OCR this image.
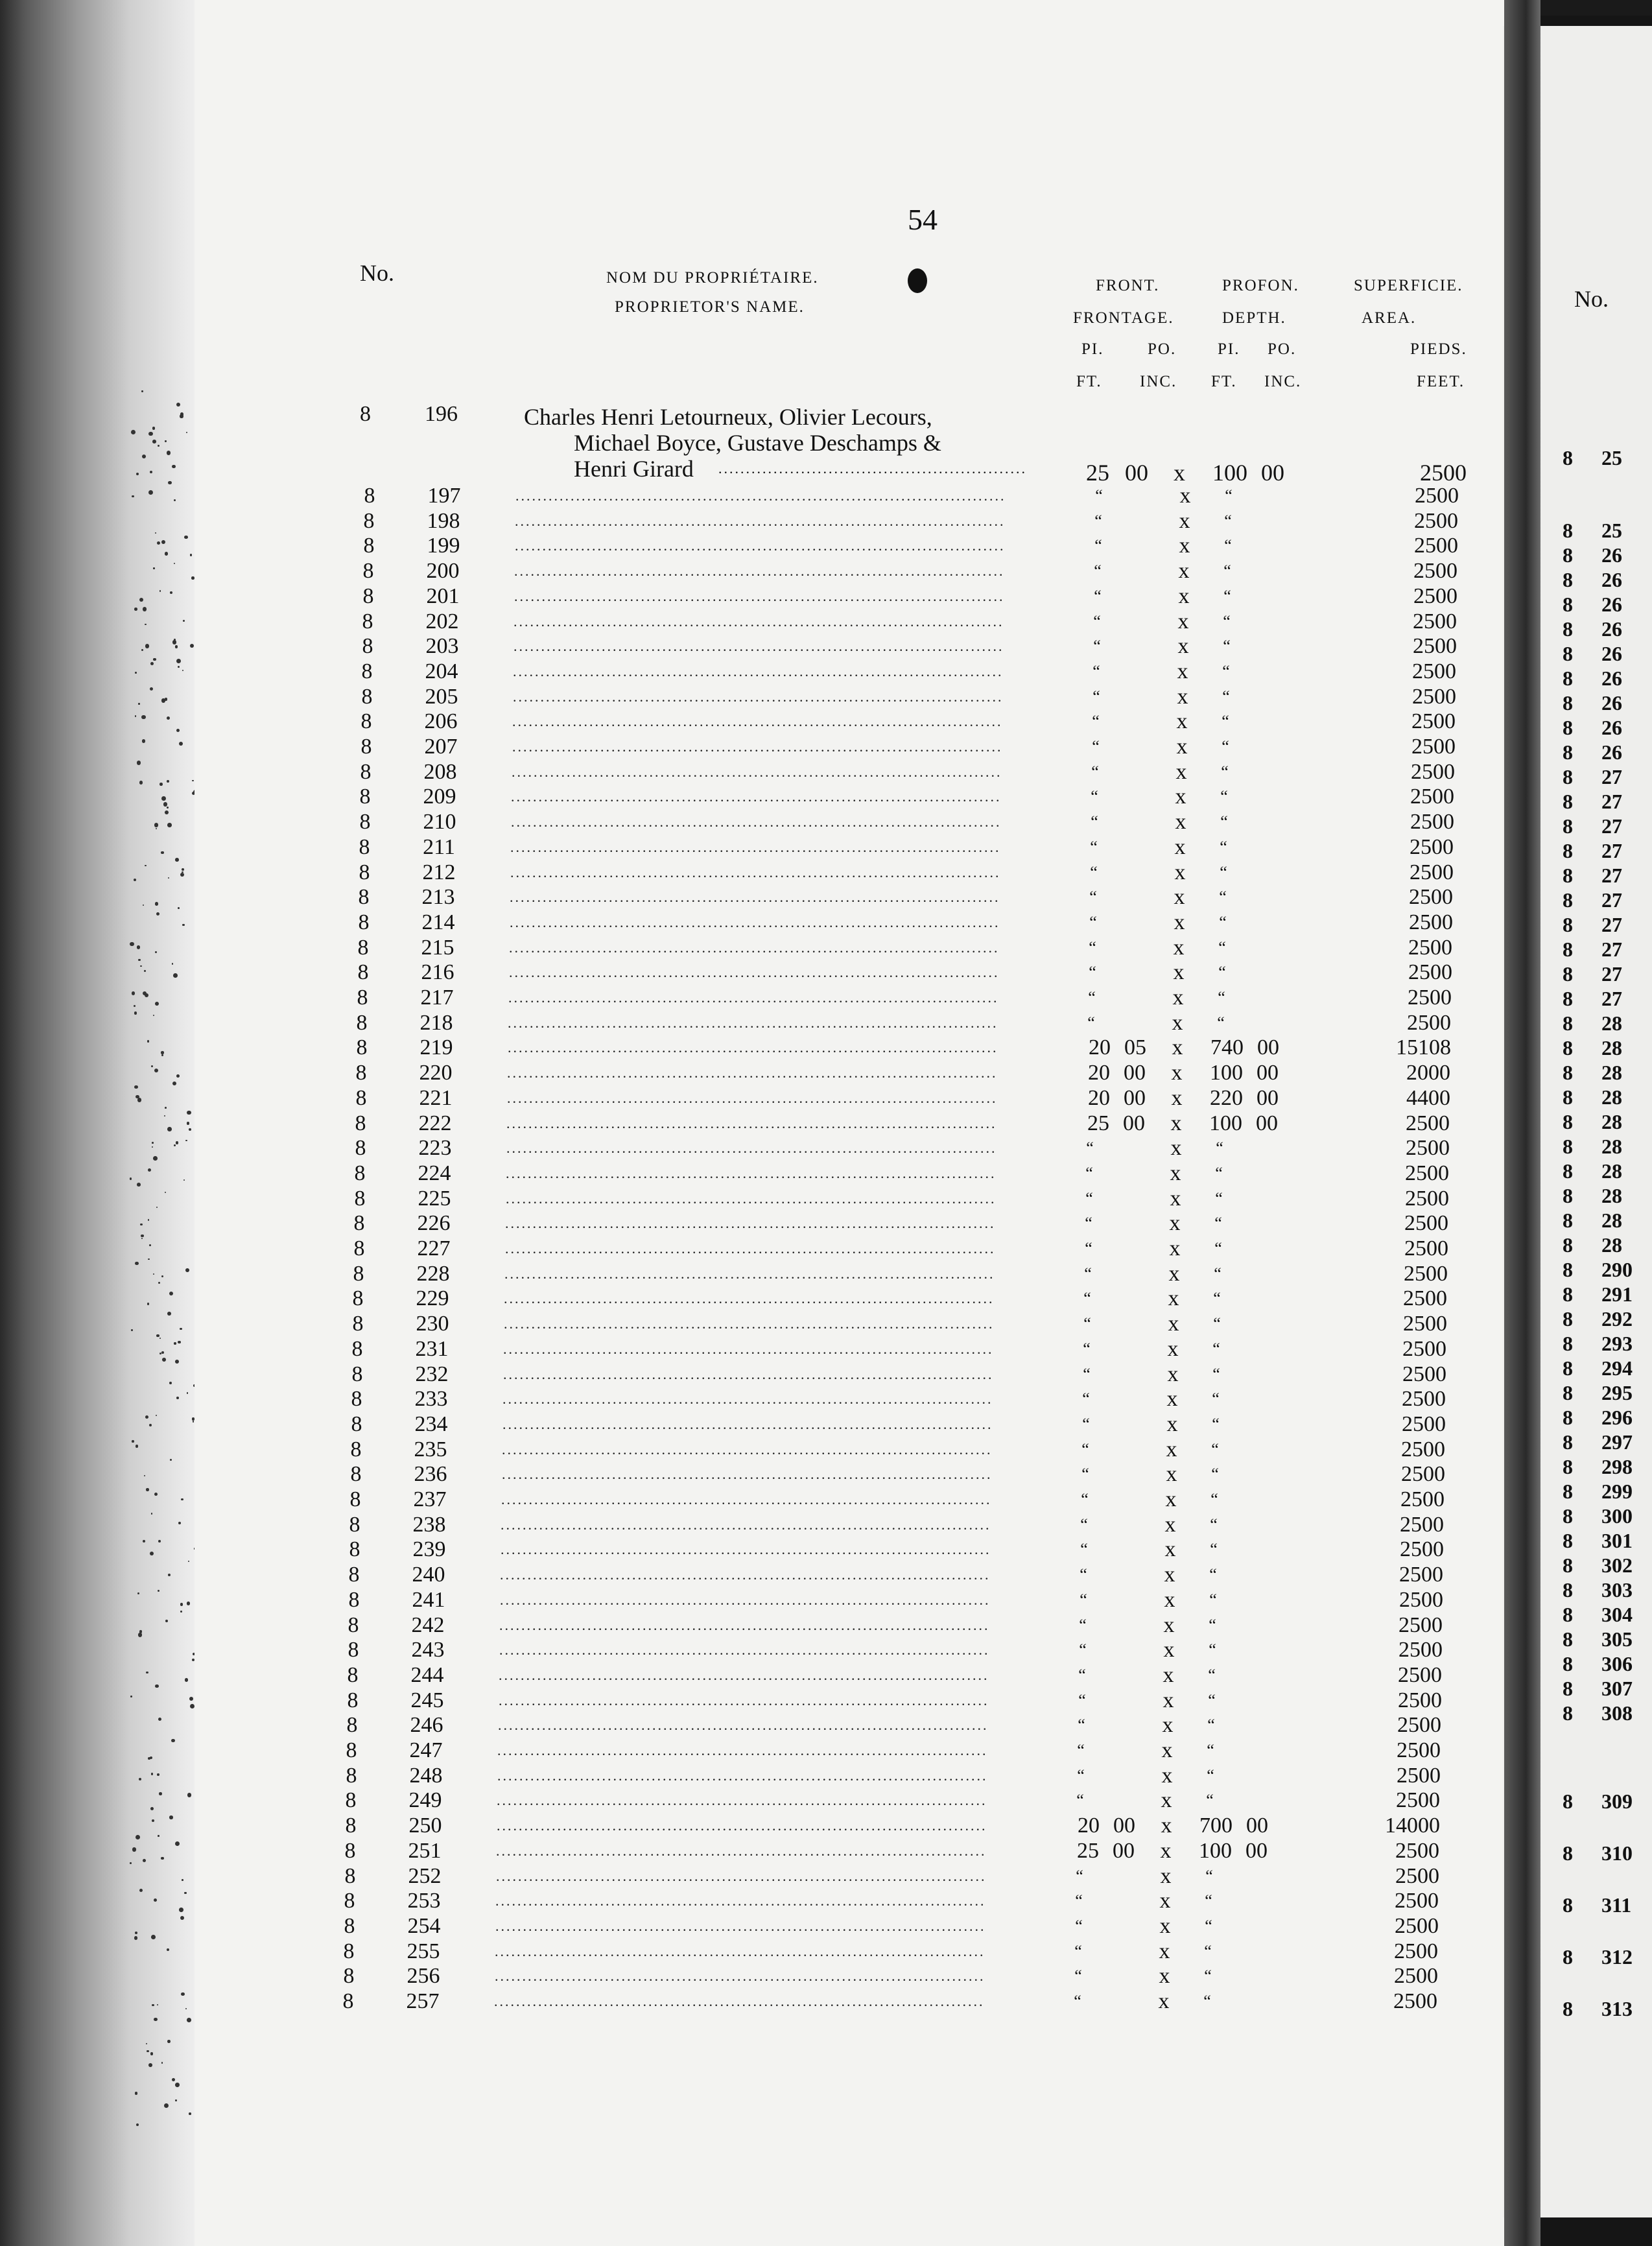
54
No.	NOM DU PROPRIÉTAIRE.
PROPRIETOR'S NAME.
FRONT.
FRONTAGE.
PROFON.
DEPTH.
SUPERFICIE.
AREA.
PI.	PO.	PI. PO.	PIEDS.
FT. INC. FT. INC.	FEET.
No.
8 196	Charles Henri Letourneux, Olivier Lecours,
Michael Boyce, Gustave Deschamps &
Henri Girard ........................................................	25 00 x 100 00	2500
8	197	.........................................................................................	“	x	“	2500
8	198	.........................................................................................	“	x	“	2500
8	199	.........................................................................................	“	x	“	2500
8	200	.........................................................................................	“	x	“	2500
8	201	.........................................................................................	“	x	“	2500
8	202	.........................................................................................	“	x	“	2500
8	203	.........................................................................................	“	x	“	2500
8	204	.........................................................................................	“	x	“	2500
8	205	.........................................................................................	“	x	“	2500
8	206	.........................................................................................	“	x	“	2500
8	207	.........................................................................................	“	x	“	2500
8	208	.........................................................................................	“	x	“	2500
8	209	.........................................................................................	“	x	“	2500
8	210	.........................................................................................	“	x	“	2500
8	211	.........................................................................................	“	x	“	2500
8	212	.........................................................................................	“	x	“	2500
8	213	.........................................................................................	“	x	“	2500
8	214	.........................................................................................	“	x	“	2500
8	215	.........................................................................................	“	x	“	2500
8	216	.........................................................................................	“	x	“	2500
8	217	.........................................................................................	“	x	“	2500
8	218	.........................................................................................	“	x	“	2500
8	219	.........................................................................................	20 05	x	740 00	15108
8	220	.........................................................................................	20 00	x	100 00	2000
8	221	.........................................................................................	20 00	x	220 00	4400
8	222	.........................................................................................	25 00	x	100 00	2500
8	223	.........................................................................................	“	x	“	2500
8	224	.........................................................................................	“	x	“	2500
8	225	.........................................................................................	“	x	“	2500
8	226	.........................................................................................	“	x	“	2500
8	227	.........................................................................................	“	x	“	2500
8	228	.........................................................................................	“	x	“	2500
8	229	.........................................................................................	“	x	“	2500
8	230	.........................................................................................	“	x	“	2500
8	231	.........................................................................................	“	x	“	2500
8	232	.........................................................................................	“	x	“	2500
8	233	.........................................................................................	“	x	“	2500
8	234	.........................................................................................	“	x	“	2500
8	235	.........................................................................................	“	x	“	2500
8	236	.........................................................................................	“	x	“	2500
8	237	.........................................................................................	“	x	“	2500
8	238	.........................................................................................	“	x	“	2500
8	239	.........................................................................................	“	x	“	2500
8	240	.........................................................................................	“	x	“	2500
8	241	.........................................................................................	“	x	“	2500
8	242	.........................................................................................	“	x	“	2500
8	243	.........................................................................................	“	x	“	2500
8	244	.........................................................................................	“	x	“	2500
8	245	.........................................................................................	“	x	“	2500
8	246	.........................................................................................	“	x	“	2500
8	247	.........................................................................................	“	x	“	2500
8	248	.........................................................................................	“	x	“	2500
8	249	.........................................................................................	“	x	“	2500
8	250	.........................................................................................	20 00	x	700 00	14000
8	251	.........................................................................................	25 00	x	100 00	2500
8	252	.........................................................................................	“	x	“	2500
8	253	.........................................................................................	“	x	“	2500
8	254	.........................................................................................	“	x	“	2500
8	255	.........................................................................................	“	x	“	2500
8	256	.........................................................................................	“	x	“	2500
8	257	.........................................................................................	“	x	“	2500
8 25
8 25
8 26
8 26
8 26
8 26
8 26
8 26
8 26
8 26
8 26
8 27
8 27
8 27
8 27
8 27
8 27
8 27
8 27
8 27
8 27
8 28
8 28
8 28
8 28
8 28
8 28
8 28
8 28
8 28
8 28
8 290
8 291
8 292
8 293
8 294
8 295
8 296
8 297
8 298
8 299
8 300
8 301
8 302
8 303
8 304
8 305
8 306
8 307
8 308
8 309
8 310
8 311
8 312
8 313
